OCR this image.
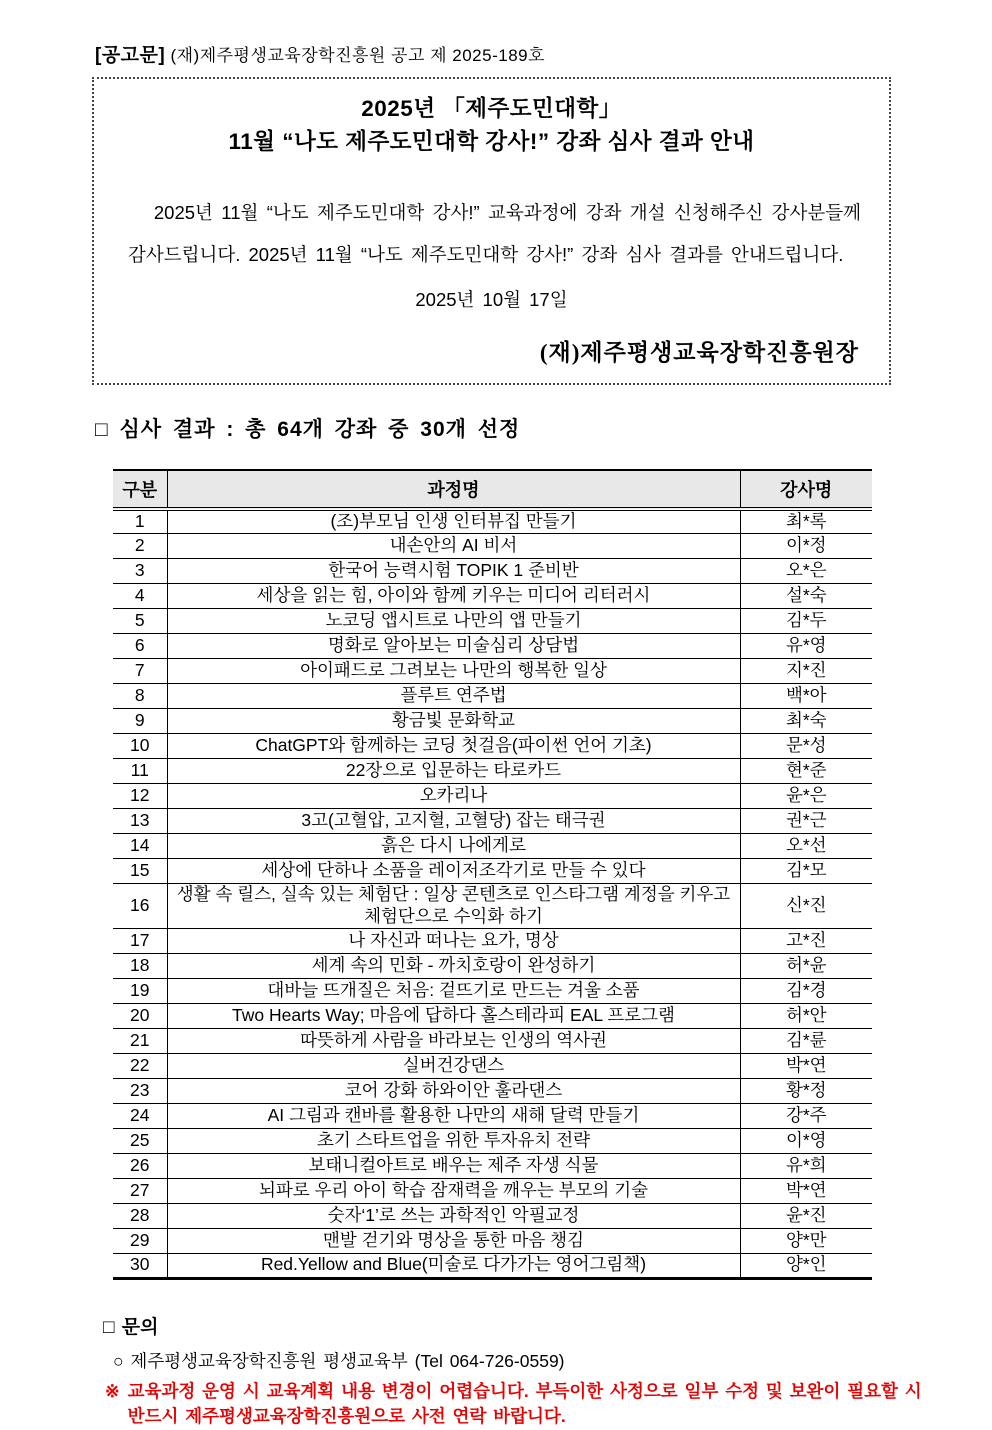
[공고문] (재)제주평생교육장학진흥원 공고 제 2025-189호
2025년 「제주도민대학」
11월 “나도 제주도민대학 강사!” 강좌 심사 결과 안내

2025년 11월 “나도 제주도민대학 강사!” 교육과정에 강좌 개설 신청해주신 강사분들께 감사드립니다. 2025년 11월 “나도 제주도민대학 강사!” 강좌 심사 결과를 안내드립니다.

2025년 10월 17일
(재)제주평생교육장학진흥원장
□ 심사 결과 : 총 64개 강좌 중 30개 선정
구분	과정명	강사명
1	(조)부모님 인생 인터뷰집 만들기	최*록
2	내손안의 AI 비서	이*정
3	한국어 능력시험 TOPIK 1 준비반	오*은
4	세상을 읽는 힘, 아이와 함께 키우는 미디어 리터러시	설*숙
5	노코딩 앱시트로 나만의 앱 만들기	김*두
6	명화로 알아보는 미술심리 상담법	유*영
7	아이패드로 그려보는 나만의 행복한 일상	지*진
8	플루트 연주법	백*아
9	황금빛 문화학교	최*숙
10	ChatGPT와 함께하는 코딩 첫걸음(파이썬 언어 기초)	문*성
11	22장으로 입문하는 타로카드	현*준
12	오카리나	윤*은
13	3고(고혈압, 고지혈, 고혈당) 잡는 태극권	권*근
14	흙은 다시 나에게로	오*선
15	세상에 단하나 소품을 레이저조각기로 만들 수 있다	김*모
16	생활 속 릴스, 실속 있는 체험단 : 일상 콘텐츠로 인스타그램 계정을 키우고 체험단으로 수익화 하기	신*진
17	나 자신과 떠나는 요가, 명상	고*진
18	세계 속의 민화 - 까치호랑이 완성하기	허*윤
19	대바늘 뜨개질은 처음: 겉뜨기로 만드는 겨울 소품	김*경
20	Two Hearts Way; 마음에 답하다 홀스테라피 EAL 프로그램	허*안
21	따뜻하게 사람을 바라보는 인생의 역사권	김*륜
22	실버건강댄스	박*연
23	코어 강화 하와이안 훌라댄스	황*정
24	AI 그림과 캔바를 활용한 나만의 새해 달력 만들기	강*주
25	초기 스타트업을 위한 투자유치 전략	이*영
26	보태니컬아트로 배우는 제주 자생 식물	유*희
27	뇌파로 우리 아이 학습 잠재력을 깨우는 부모의 기술	박*연
28	숫자‘1’로 쓰는 과학적인 악필교정	윤*진
29	맨발 걷기와 명상을 통한 마음 챙김	양*만
30	Red.Yellow and Blue(미술로 다가가는 영어그림책)	양*인
□ 문의
○ 제주평생교육장학진흥원 평생교육부 (Tel 064-726-0559)
※ 교육과정 운영 시 교육계획 내용 변경이 어렵습니다. 부득이한 사정으로 일부 수정 및 보완이 필요할 시
반드시 제주평생교육장학진흥원으로 사전 연락 바랍니다.
